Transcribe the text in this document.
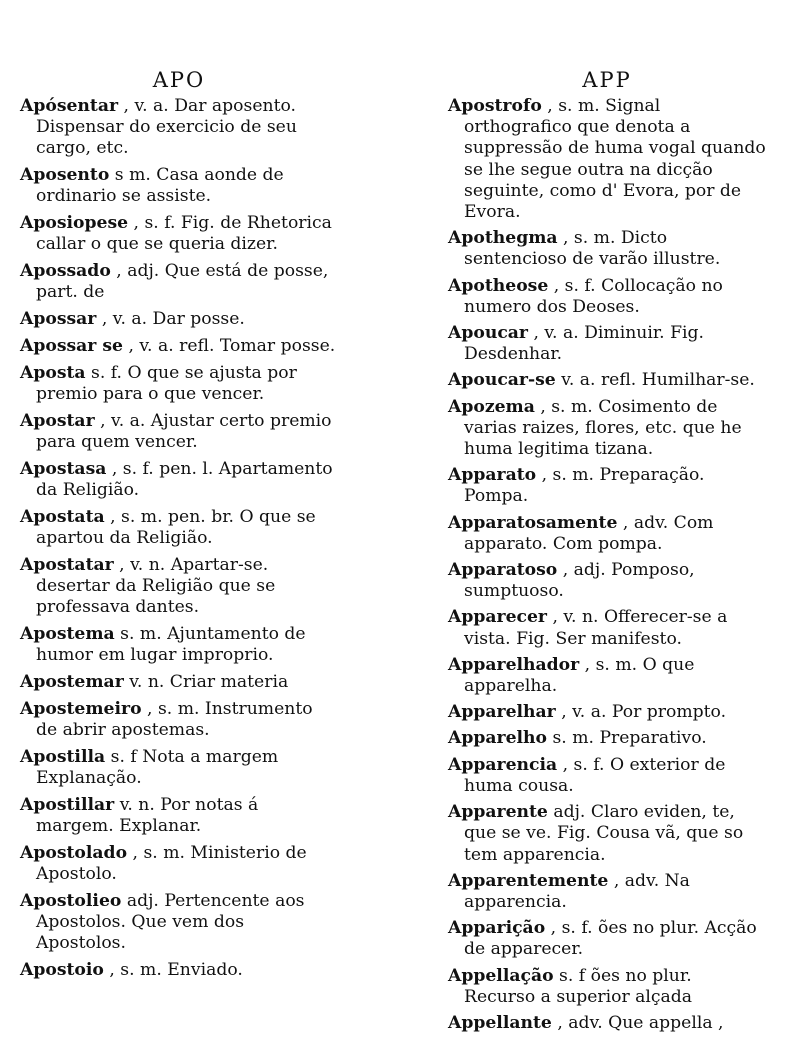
APO

Apósentar , v. a. Dar aposento. Dispensar do exercicio de seu cargo, etc.

Aposento s m. Casa aonde de ordinario se assiste.

Aposiopese , s. f. Fig. de Rhetorica callar o que se queria dizer.

Apossado , adj. Que está de posse, part. de

Apossar , v. a. Dar posse.

Apossar se , v. a. refl. Tomar posse.

Aposta s. f. O que se ajusta por premio para o que vencer.

Apostar , v. a. Ajustar certo premio para quem vencer.

Apostasa , s. f. pen. l. Apartamento da Religião.

Apostata , s. m. pen. br. O que se apartou da Religião.

Apostatar , v. n. Apartar-se. desertar da Religião que se professava dantes.

Apostema s. m. Ajuntamento de humor em lugar improprio.

Apostemar v. n. Criar materia

Apostemeiro , s. m. Instrumento de abrir apostemas.

Apostilla s. f Nota a margem Explanação.

Apostillar v. n. Por notas á margem. Explanar.

Apostolado , s. m. Ministerio de Apostolo.

Apostolieo adj. Pertencente aos Apostolos. Que vem dos Apostolos.

Apostoio , s. m. Enviado.

APP

Apostrofo , s. m. Signal orthografico que denota a suppressão de huma vogal quando se lhe segue outra na dicção seguinte, como d' Evora, por de Evora.

Apothegma , s. m. Dicto sentencioso de varão illustre.

Apotheose , s. f. Collocação no numero dos Deoses.

Apoucar , v. a. Diminuir. Fig. Desdenhar.

Apoucar-se v. a. refl. Humilhar-se.

Apozema , s. m. Cosimento de varias raizes, flores, etc. que he huma legitima tizana.

Apparato , s. m. Preparação. Pompa.

Apparatosamente , adv. Com apparato. Com pompa.

Apparatoso , adj. Pomposo, sumptuoso.

Apparecer , v. n. Offerecer-se a vista. Fig. Ser manifesto.

Apparelhador , s. m. O que apparelha.

Apparelhar , v. a. Por prompto.

Apparelho s. m. Preparativo.

Apparencia , s. f. O exterior de huma cousa.

Apparente adj. Claro eviden, te, que se ve. Fig. Cousa vã, que so tem apparencia.

Apparentemente , adv. Na apparencia.

Apparição , s. f. ões no plur. Acção de apparecer.

Appellação s. f ões no plur. Recurso a superior alçada

Appellante , adv. Que appella ,
